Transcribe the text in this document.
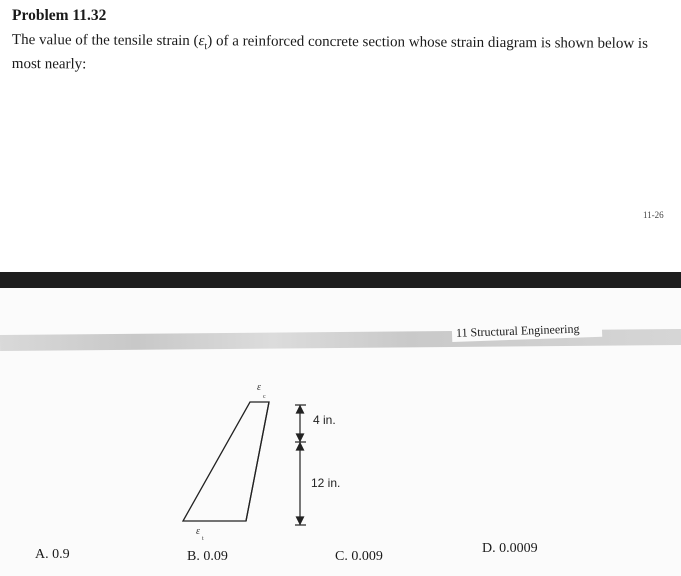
Problem 11.32

The value of the tensile strain $(\varepsilon_t)$ of a reinforced concrete section whose strain diagram is shown below is most nearly:

11-26
11 Structural Engineering
ε
c
ε
t
4 in.
12 in.
A. 0.9	B. 0.09	C. 0.009
D. 0.0009
